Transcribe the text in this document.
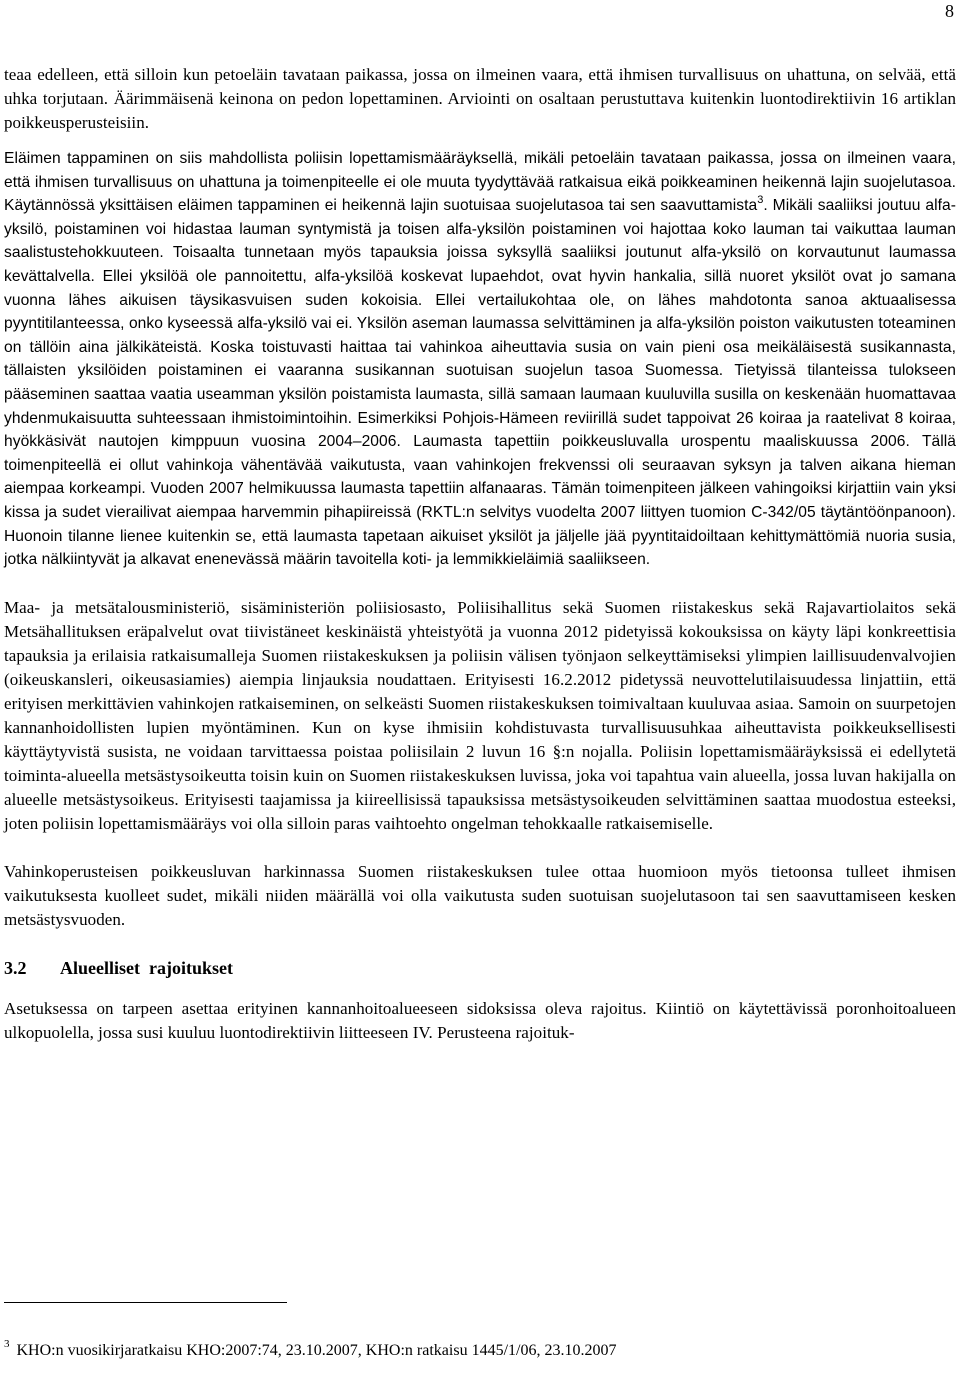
8

teaa edelleen, että silloin kun petoeläin tavataan paikassa, jossa on ilmeinen vaara, että ihmisen turvallisuus on uhattuna, on selvää, että uhka torjutaan. Äärimmäisenä keinona on pedon lopettaminen. Arviointi on osaltaan perustuttava kuitenkin luontodirektiivin 16 artiklan poikkeusperusteisiin.

Eläimen tappaminen on siis mahdollista poliisin lopettamismääräyksellä, mikäli petoeläin tavataan paikassa, jossa on ilmeinen vaara, että ihmisen turvallisuus on uhattuna ja toimenpiteelle ei ole muuta tyydyttävää ratkaisua eikä poikkeaminen heikennä lajin suojelutasoa. Käytännössä yksittäisen eläimen tappaminen ei heikennä lajin suotuisaa suojelutasoa tai sen saavuttamista$^3$. Mikäli saaliiksi joutuu alfa-yksilö, poistaminen voi hidastaa lauman syntymistä ja toisen alfa-yksilön poistaminen voi hajottaa koko lauman tai vaikuttaa lauman saalistustehokkuuteen. Toisaalta tunnetaan myös tapauksia joissa syksyllä saaliiksi joutunut alfa-yksilö on korvautunut laumassa kevättalvella. Ellei yksilöä ole pannoitettu, alfa-yksilöä koskevat lupaehdot, ovat hyvin hankalia, sillä nuoret yksilöt ovat jo samana vuonna lähes aikuisen täysikasvuisen suden kokoisia. Ellei vertailukohtaa ole, on lähes mahdotonta sanoa aktuaalisessa pyyntitilanteessa, onko kyseessä alfa-yksilö vai ei. Yksilön aseman laumassa selvittäminen ja alfa-yksilön poiston vaikutusten toteaminen on tällöin aina jälkikäteistä. Koska toistuvasti haittaa tai vahinkoa aiheuttavia susia on vain pieni osa meikäläisestä susikannasta, tällaisten yksilöiden poistaminen ei vaaranna susikannan suotuisan suojelun tasoa Suomessa. Tietyissä tilanteissa tulokseen pääseminen saattaa vaatia useamman yksilön poistamista laumasta, sillä samaan laumaan kuuluvilla susilla on keskenään huomattavaa yhdenmukaisuutta suhteessaan ihmistoimintoihin. Esimerkiksi Pohjois-Hämeen reviirillä sudet tappoivat 26 koiraa ja raatelivat 8 koiraa, hyökkäsivät nautojen kimppuun vuosina 2004–2006. Laumasta tapettiin poikkeusluvalla urospentu maaliskuussa 2006. Tällä toimenpiteellä ei ollut vahinkoja vähentävää vaikutusta, vaan vahinkojen frekvenssi oli seuraavan syksyn ja talven aikana hieman aiempaa korkeampi. Vuoden 2007 helmikuussa laumasta tapettiin alfanaaras. Tämän toimenpiteen jälkeen vahingoiksi kirjattiin vain yksi kissa ja sudet vierailivat aiempaa harvemmin pihapiireissä (RKTL:n selvitys vuodelta 2007 liittyen tuomion C-342/05 täytäntöönpanoon). Huonoin tilanne lienee kuitenkin se, että laumasta tapetaan aikuiset yksilöt ja jäljelle jää pyyntitaidoiltaan kehittymättömiä nuoria susia, jotka nälkiintyvät ja alkavat enenevässä määrin tavoitella koti- ja lemmikkieläimiä saaliikseen.

Maa- ja metsätalousministeriö, sisäministeriön poliisiosasto, Poliisihallitus sekä Suomen riistakeskus sekä Rajavartiolaitos sekä Metsähallituksen eräpalvelut ovat tiivistäneet keskinäistä yhteistyötä ja vuonna 2012 pidetyissä kokouksissa on käyty läpi konkreettisia tapauksia ja erilaisia ratkaisumalleja Suomen riistakeskuksen ja poliisin välisen työnjaon selkeyttämiseksi ylimpien laillisuudenvalvojien (oikeuskansleri, oikeusasiamies) aiempia linjauksia noudattaen. Erityisesti 16.2.2012 pidetyssä neuvottelutilaisuudessa linjattiin, että erityisen merkittävien vahinkojen ratkaiseminen, on selkeästi Suomen riistakeskuksen toimivaltaan kuuluvaa asiaa. Samoin on suurpetojen kannanhoidollisten lupien myöntäminen. Kun on kyse ihmisiin kohdistuvasta turvallisuusuhkaa aiheuttavista poikkeuksellisesti käyttäytyvistä susista, ne voidaan tarvittaessa poistaa poliisilain 2 luvun 16 §:n nojalla. Poliisin lopettamismääräyksissä ei edellytetä toiminta-alueella metsästysoikeutta toisin kuin on Suomen riistakeskuksen luvissa, joka voi tapahtua vain alueella, jossa luvan hakijalla on alueelle metsästysoikeus. Erityisesti taajamissa ja kiireellisissä tapauksissa metsästysoikeuden selvittäminen saattaa muodostua esteeksi, joten poliisin lopettamismääräys voi olla silloin paras vaihtoehto ongelman tehokkaalle ratkaisemiselle.

Vahinkoperusteisen poikkeusluvan harkinnassa Suomen riistakeskuksen tulee ottaa huomioon myös tietoonsa tulleet ihmisen vaikutuksesta kuolleet sudet, mikäli niiden määrällä voi olla vaikutusta suden suotuisan suojelutasoon tai sen saavuttamiseen kesken metsästysvuoden.

3.2	Alueelliset  rajoitukset

Asetuksessa on tarpeen asettaa erityinen kannanhoitoalueeseen sidoksissa oleva rajoitus. Kiintiö on käytettävissä poronhoitoalueen ulkopuolella, jossa susi kuuluu luontodirektiivin liitteeseen IV. Perusteena rajoituk-

$^3$ KHO:n vuosikirjaratkaisu KHO:2007:74, 23.10.2007, KHO:n ratkaisu 1445/1/06, 23.10.2007
